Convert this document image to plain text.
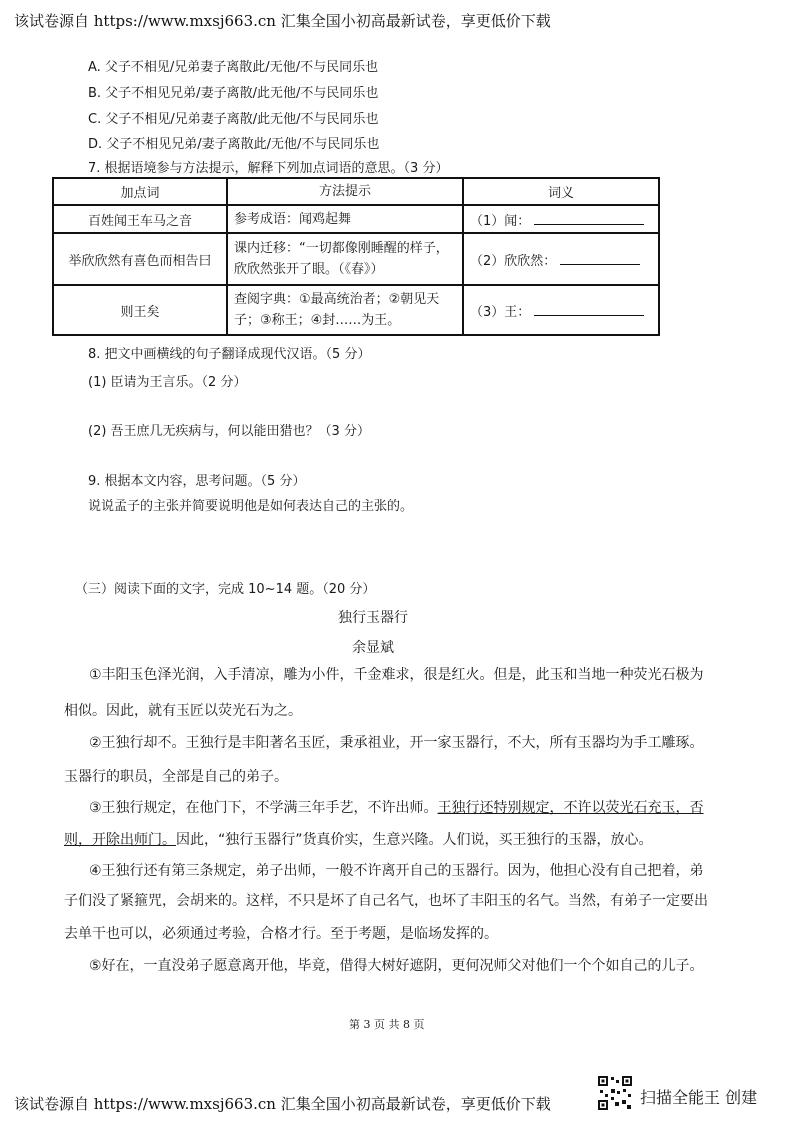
该试卷源自 https://www.mxsj663.cn 汇集全国小初高最新试卷，享更低价下载
A. 父子不相见/兄弟妻子离散此/无他/不与民同乐也
B. 父子不相见兄弟/妻子离散/此无他/不与民同乐也
C. 父子不相见/兄弟妻子离散/此无他/不与民同乐也
D. 父子不相见兄弟/妻子离散此/无他/不与民同乐也
7. 根据语境参与方法提示，解释下列加点词语的意思。（3 分）
加点词	方法提示	词义
百姓闻王车马之音	参考成语：闻鸡起舞	（1）闻：
举欣欣然有喜色而相告曰	课内迁移：“一切都像刚睡醒的样子，欣欣然张开了眼。（《春》）	（2）欣欣然：
则王矣	查阅字典：①最高统治者；②朝见天子；③称王；④封……为王。	（3）王：
8. 把文中画横线的句子翻译成现代汉语。（5 分）
(1) 臣请为王言乐。（2 分）
(2) 吾王庶几无疾病与，何以能田猎也？（3 分）
9. 根据本文内容，思考问题。（5 分）
说说孟子的主张并简要说明他是如何表达自己的主张的。
（三）阅读下面的文字，完成 10~14 题。（20 分）
独行玉器行
余显斌
①丰阳玉色泽光润，入手清凉，雕为小件，千金难求，很是红火。但是，此玉和当地一种荧光石极为
相似。因此，就有玉匠以荧光石为之。
②王独行却不。王独行是丰阳著名玉匠，秉承祖业，开一家玉器行，不大，所有玉器均为手工雕琢。
玉器行的职员，全部是自己的弟子。
③王独行规定，在他门下，不学满三年手艺，不许出师。王独行还特别规定，不许以荧光石充玉，否
则，开除出师门。因此，“独行玉器行”货真价实，生意兴隆。人们说，买王独行的玉器，放心。
④王独行还有第三条规定，弟子出师，一般不许离开自己的玉器行。因为，他担心没有自己把着，弟
子们没了紧箍咒，会胡来的。这样，不只是坏了自己名气，也坏了丰阳玉的名气。当然，有弟子一定要出
去单干也可以，必须通过考验，合格才行。至于考题，是临场发挥的。
⑤好在，一直没弟子愿意离开他，毕竟，借得大树好遮阴，更何况师父对他们一个个如自己的儿子。
第 3 页 共 8 页
该试卷源自 https://www.mxsj663.cn 汇集全国小初高最新试卷，享更低价下载	扫描全能王 创建
